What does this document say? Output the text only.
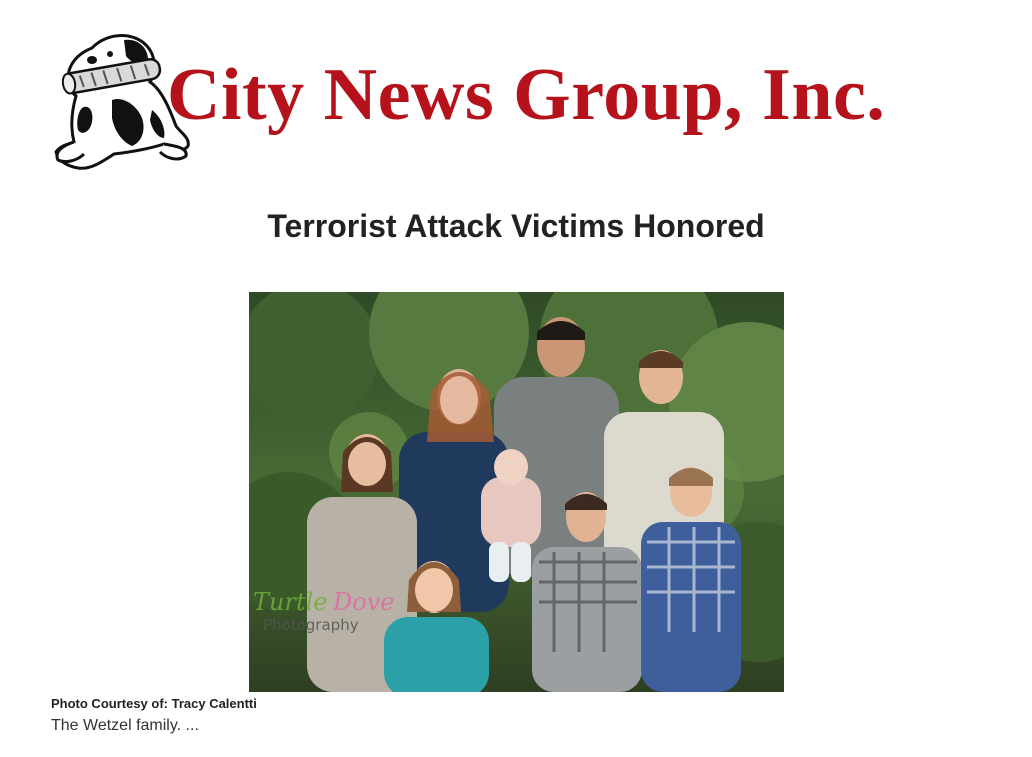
City News Group, Inc.
Terrorist Attack Victims Honored
Turtle Dove
Photography
Photo Courtesy of: Tracy Calentti
The Wetzel family. ...
